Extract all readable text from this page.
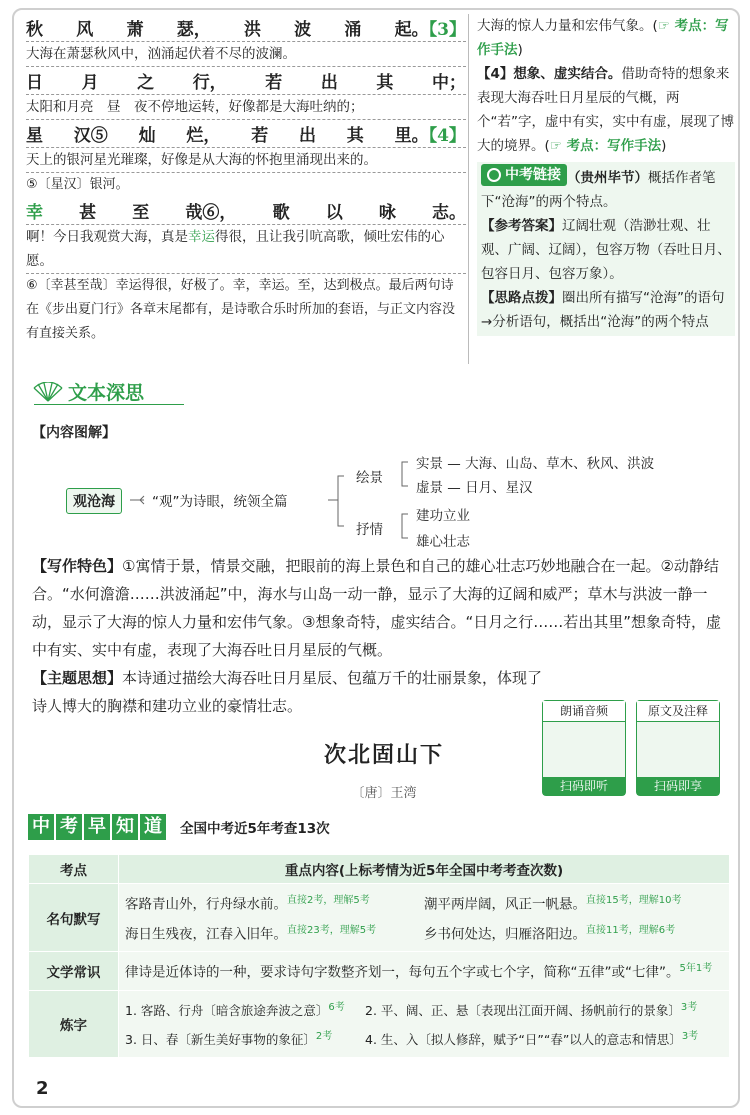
秋 风 萧 瑟， 洪 波 涌 起。【3】
大海在萧瑟秋风中，汹涌起伏着不尽的波澜。
日 月 之 行， 若 出 其 中；
太阳和月亮　昼　夜不停地运转，好像都是大海吐纳的；
星 汉⑤ 灿 烂， 若 出 其 里。【4】
天上的银河星光璀璨，好像是从大海的怀抱里涌现出来的。
⑤〔星汉〕银河。
幸 甚 至 哉⑥， 歌 以 咏 志。
啊！今日我观赏大海，真是幸运得很，且让我引吭高歌，倾吐宏伟的心愿。
⑥〔幸甚至哉〕幸运得很，好极了。幸，幸运。至，达到极点。最后两句诗在《步出夏门行》各章末尾都有，是诗歌合乐时所加的套语，与正文内容没有直接关系。
大海的惊人力量和宏伟气象。(☞ 考点：写作手法)
【4】想象、虚实结合。借助奇特的想象来表现大海吞吐日月星辰的气概，两个“若”字，虚中有实，实中有虚，展现了博大的境界。(☞ 考点：写作手法)
中考链接 （贵州毕节）概括作者笔下“沧海”的两个特点。
【参考答案】辽阔壮观（浩渺壮观、壮观、广阔、辽阔），包容万物（吞吐日月、包容日月、包容万象）。
【思路点拨】圈出所有描写“沧海”的语句→分析语句，概括出“沧海”的两个特点
文本深思
【内容图解】
观沧海	“观”为诗眼，统领全篇
绘景
实景 — 大海、山岛、草木、秋风、洪波
虚景 — 日月、星汉
抒情
建功立业
雄心壮志
【写作特色】①寓情于景，情景交融，把眼前的海上景色和自己的雄心壮志巧妙地融合在一起。②动静结合。“水何澹澹……洪波涌起”中，海水与山岛一动一静，显示了大海的辽阔和威严；草木与洪波一静一动，显示了大海的惊人力量和宏伟气象。③想象奇特，虚实结合。“日月之行……若出其里”想象奇特，虚中有实、实中有虚，表现了大海吞吐日月星辰的气概。
【主题思想】本诗通过描绘大海吞吐日月星辰、包蕴万千的壮丽景象，体现了诗人博大的胸襟和建功立业的豪情壮志。	朗诵音频
扫码即听
原文及注释
扫码即享
次北固山下
〔唐〕王湾
中 考 早 知 道 全国中考近5年考查13次
考点	重点内容(上标考情为近5年全国中考考查次数)
名句默写	客路青山外，行舟绿水前。$^{直接2考,理解5考}$ 潮平两岸阔，风正一帆悬。$^{直接15考,理解10考}$
海日生残夜，江春入旧年。$^{直接23考,理解5考}$ 乡书何处达，归雁洛阳边。$^{直接11考,理解6考}$

文学常识	律诗是近体诗的一种，要求诗句字数整齐划一，每句五个字或七个字，简称“五律”或“七律”。$^{5年1考}$
炼字	1. 客路、行舟〔暗含旅途奔波之意〕$^{6考}$ 2. 平、阔、正、悬〔表现出江面开阔、扬帆前行的景象〕$^{3考}$
3. 日、春〔新生美好事物的象征〕$^{2考}$ 4. 生、入〔拟人修辞，赋予“日”“春”以人的意志和情思〕$^{3考}$
2
